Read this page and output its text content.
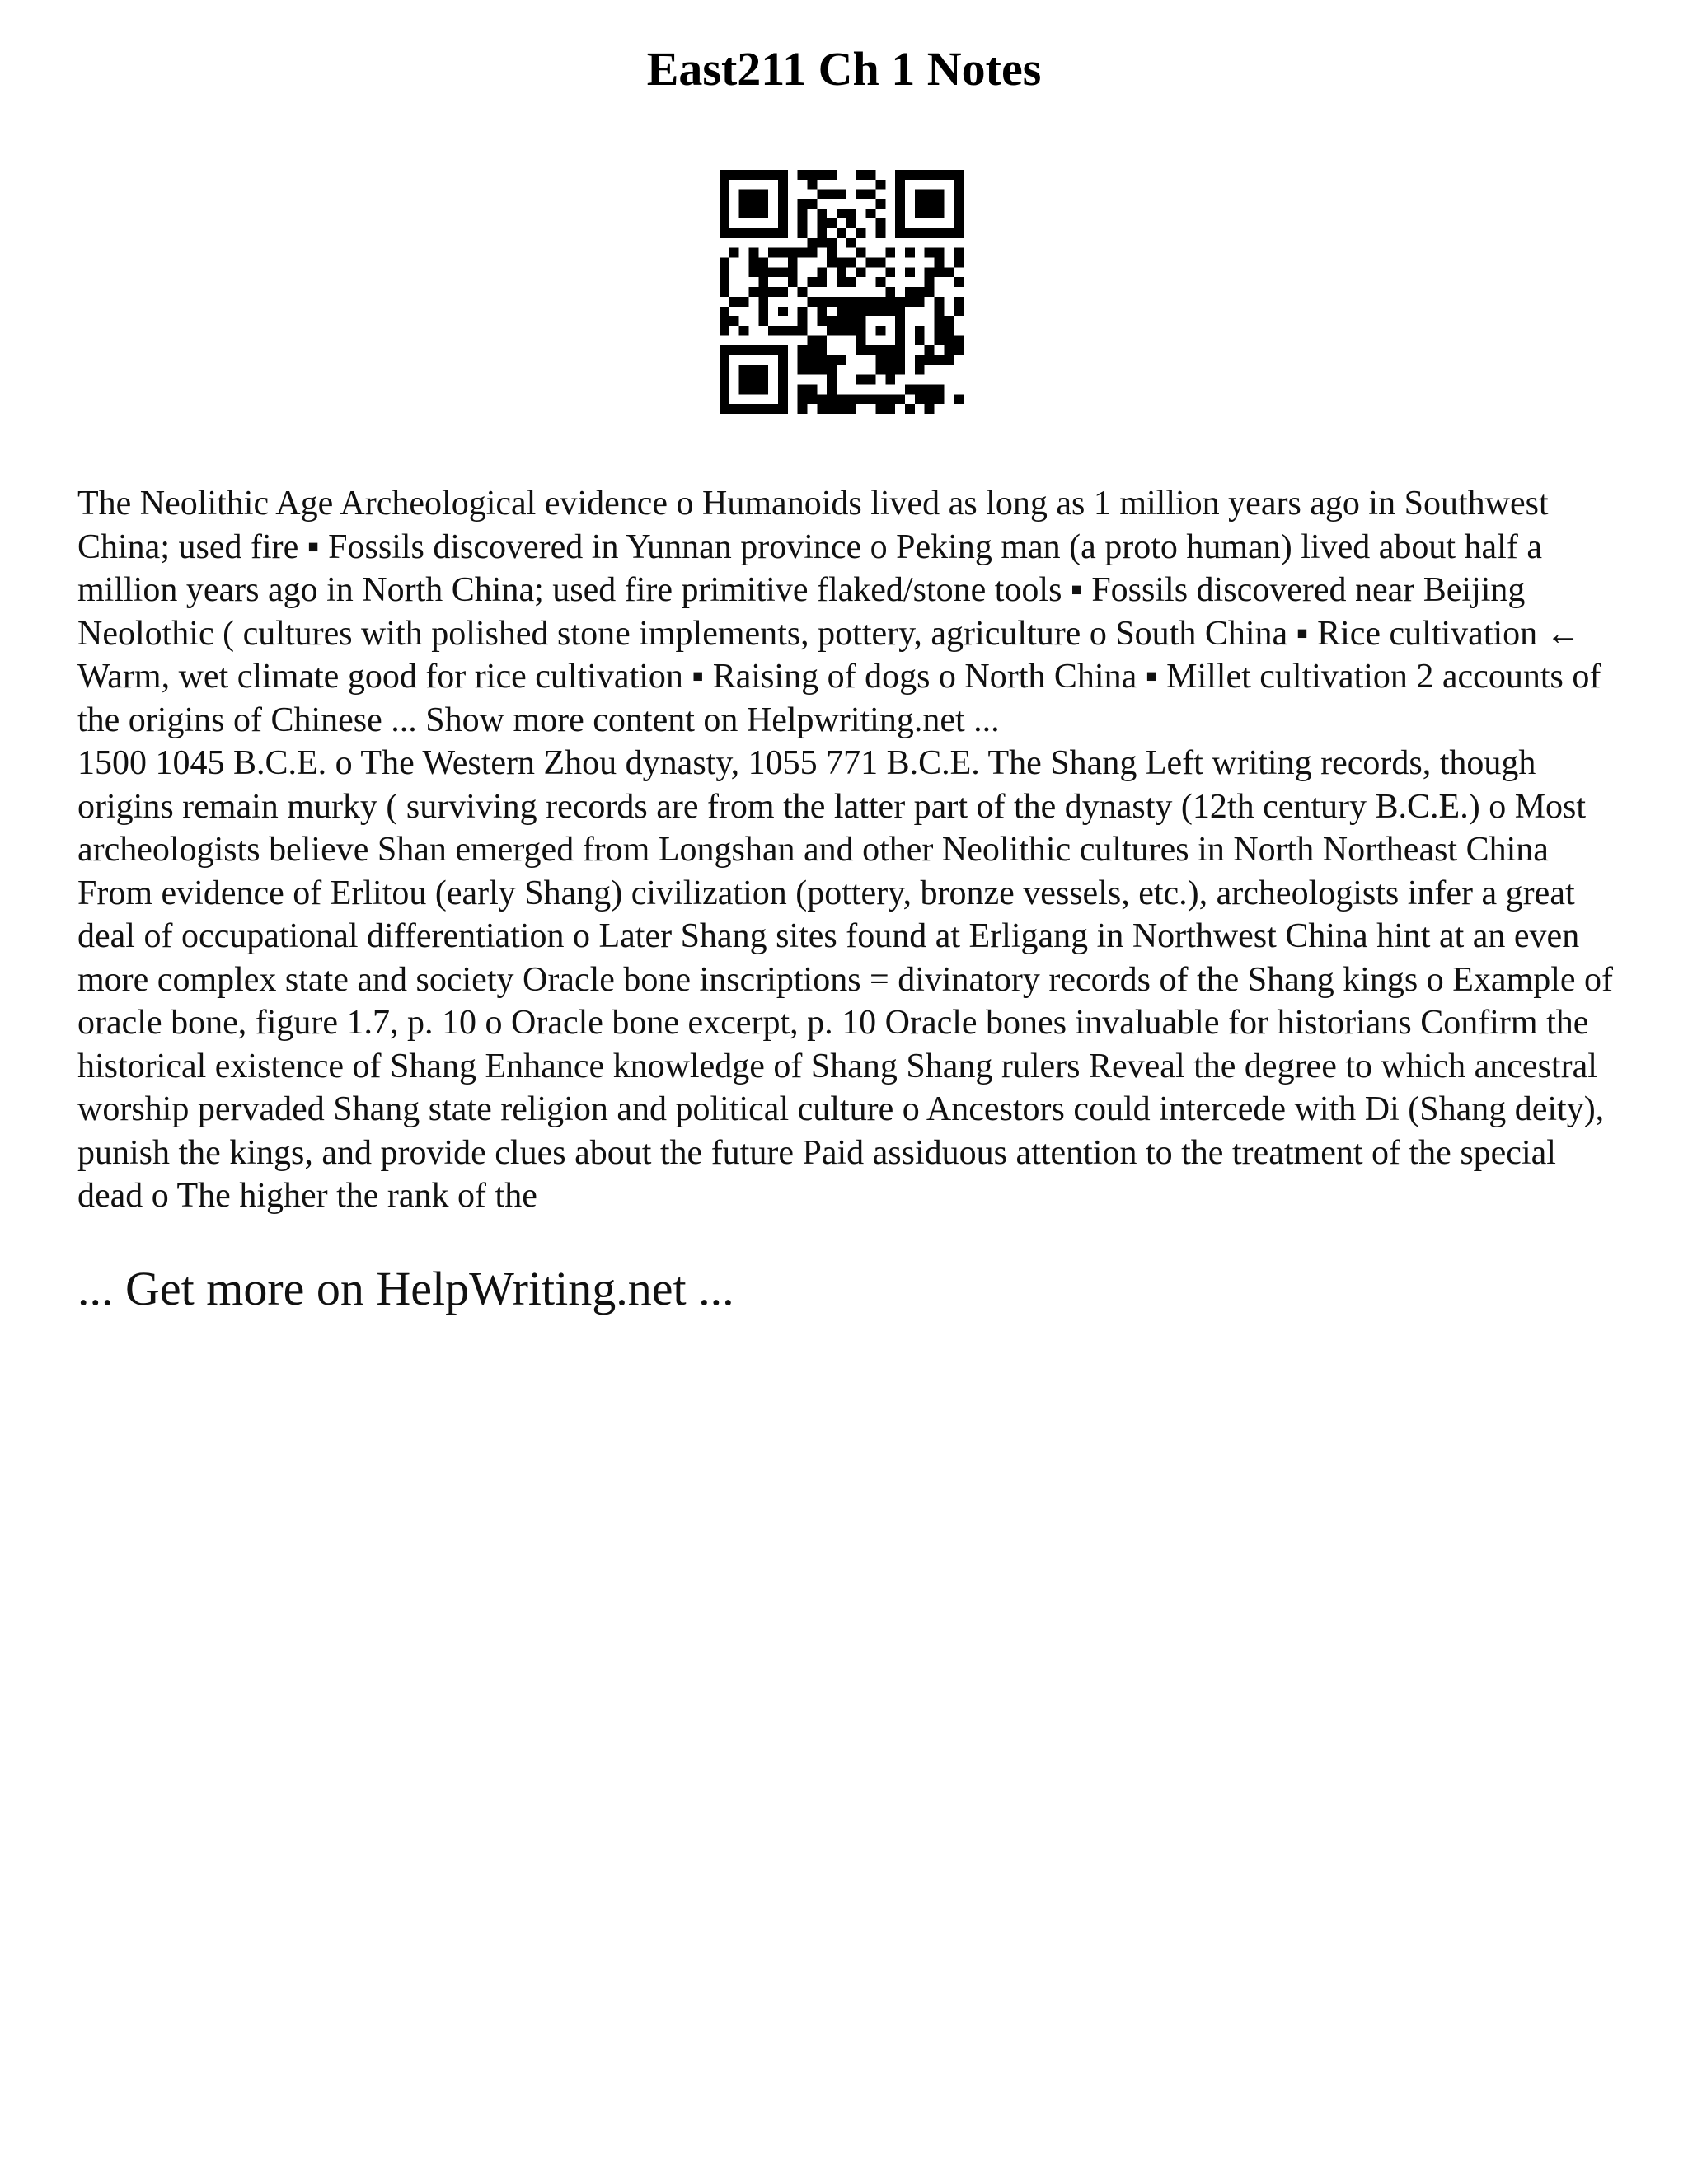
East211 Ch 1 Notes

The Neolithic Age Archeological evidence o Humanoids lived as long as 1 million years ago in Southwest China; used fire ▪ Fossils discovered in Yunnan province o Peking man (a proto human) lived about half a million years ago in North China; used fire primitive flaked/stone tools ▪ Fossils discovered near Beijing Neolothic ( cultures with polished stone implements, pottery, agriculture o South China ▪ Rice cultivation ← Warm, wet climate good for rice cultivation ▪ Raising of dogs o North China ▪ Millet cultivation 2 accounts of the origins of Chinese ... Show more content on Helpwriting.net ...

1500 1045 B.C.E. o The Western Zhou dynasty, 1055 771 B.C.E. The Shang Left writing records, though origins remain murky ( surviving records are from the latter part of the dynasty (12th century B.C.E.) o Most archeologists believe Shan emerged from Longshan and other Neolithic cultures in North Northeast China From evidence of Erlitou (early Shang) civilization (pottery, bronze vessels, etc.), archeologists infer a great deal of occupational differentiation o Later Shang sites found at Erligang in Northwest China hint at an even more complex state and society Oracle bone inscriptions = divinatory records of the Shang kings o Example of oracle bone, figure 1.7, p. 10 o Oracle bone excerpt, p. 10 Oracle bones invaluable for historians Confirm the historical existence of Shang Enhance knowledge of Shang Shang rulers Reveal the degree to which ancestral worship pervaded Shang state religion and political culture o Ancestors could intercede with Di (Shang deity), punish the kings, and provide clues about the future Paid assiduous attention to the treatment of the special dead o The higher the rank of the

... Get more on HelpWriting.net ...
